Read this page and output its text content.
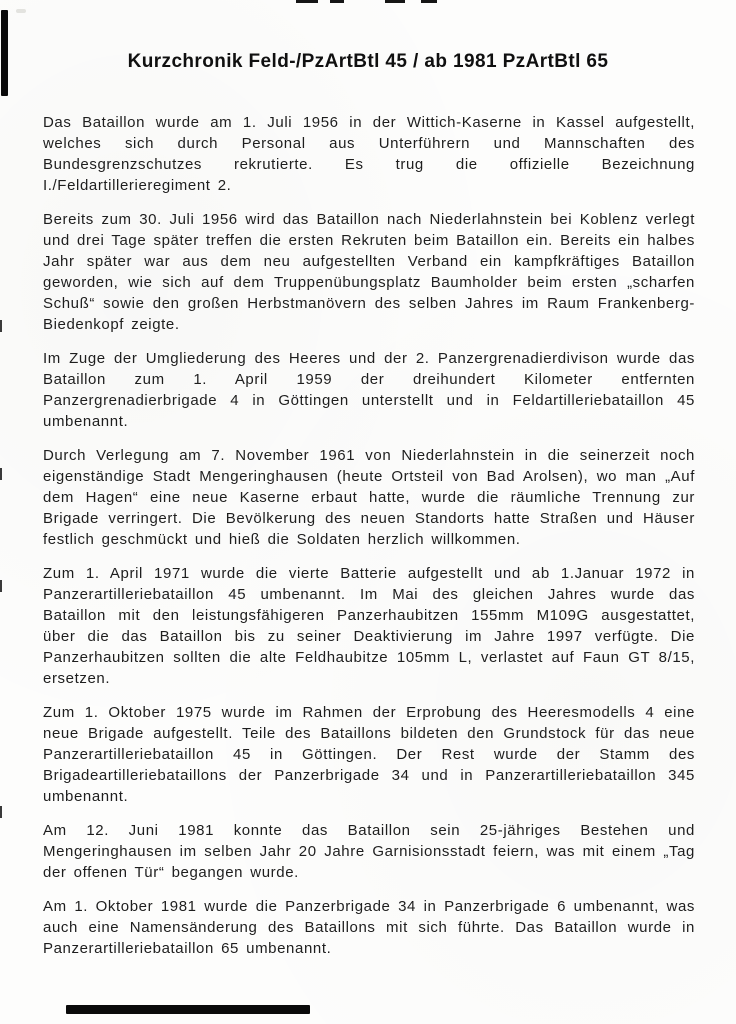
Kurzchronik Feld-/PzArtBtl 45 / ab 1981 PzArtBtl 65

Das Bataillon wurde am 1. Juli 1956 in der Wittich-Kaserne in Kassel aufgestellt, welches sich durch Personal aus Unterführern und Mannschaften des Bundesgrenzschutzes rekrutierte. Es trug die offizielle Bezeichnung I./Feldartillerieregiment 2.

Bereits zum 30. Juli 1956 wird das Bataillon nach Niederlahnstein bei Koblenz verlegt und drei Tage später treffen die ersten Rekruten beim Bataillon ein. Bereits ein halbes Jahr später war aus dem neu aufgestellten Verband ein kampfkräftiges Bataillon geworden, wie sich auf dem Truppenübungsplatz Baumholder beim ersten „scharfen Schuß“ sowie den großen Herbstmanövern des selben Jahres im Raum Frankenberg-Biedenkopf zeigte.

Im Zuge der Umgliederung des Heeres und der 2. Panzergrenadierdivison wurde das Bataillon zum 1. April 1959 der dreihundert Kilometer entfernten Panzergrenadierbrigade 4 in Göttingen unterstellt und in Feldartilleriebataillon 45 umbenannt.

Durch Verlegung am 7. November 1961 von Niederlahnstein in die seinerzeit noch eigenständige Stadt Mengeringhausen (heute Ortsteil von Bad Arolsen), wo man „Auf dem Hagen“ eine neue Kaserne erbaut hatte, wurde die räumliche Trennung zur Brigade verringert. Die Bevölkerung des neuen Standorts hatte Straßen und Häuser festlich geschmückt und hieß die Soldaten herzlich willkommen.

Zum 1. April 1971 wurde die vierte Batterie aufgestellt und ab 1.Januar 1972 in Panzerartilleriebataillon 45 umbenannt. Im Mai des gleichen Jahres wurde das Bataillon mit den leistungsfähigeren Panzerhaubitzen 155mm M109G ausgestattet, über die das Bataillon bis zu seiner Deaktivierung im Jahre 1997 verfügte. Die Panzerhaubitzen sollten die alte Feldhaubitze 105mm L, verlastet auf Faun GT 8/15, ersetzen.

Zum 1. Oktober 1975 wurde im Rahmen der Erprobung des Heeresmodells 4 eine neue Brigade aufgestellt. Teile des Bataillons bildeten den Grundstock für das neue Panzerartilleriebataillon 45 in Göttingen. Der Rest wurde der Stamm des Brigadeartilleriebataillons der Panzerbrigade 34 und in Panzerartilleriebataillon 345 umbenannt.

Am 12. Juni 1981 konnte das Bataillon sein 25-jähriges Bestehen und Mengeringhausen im selben Jahr 20 Jahre Garnisionsstadt feiern, was mit einem „Tag der offenen Tür“ begangen wurde.

Am 1. Oktober 1981 wurde die Panzerbrigade 34 in Panzerbrigade 6 umbenannt, was auch eine Namensänderung des Bataillons mit sich führte. Das Bataillon wurde in Panzerartilleriebataillon 65 umbenannt.
